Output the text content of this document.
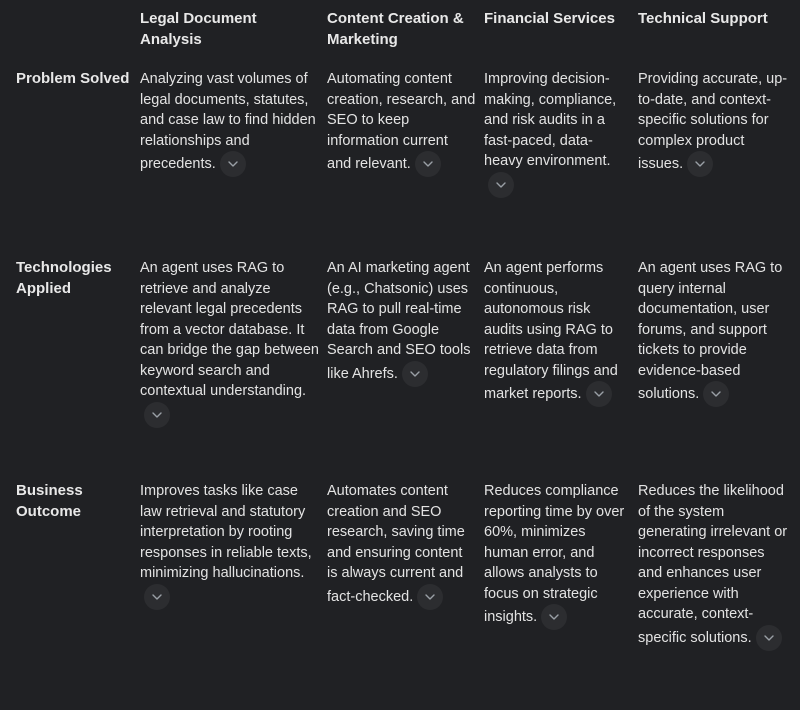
Legal Document Analysis
Content Creation & Marketing
Financial Services	Technical Support
Problem Solved Analyzing vast volumes of legal documents, statutes, and case law to find hidden relationships and precedents.
Automating content creation, research, and SEO to keep information current and relevant.
Improving decision-making, compliance, and risk audits in a fast-paced, data-heavy environment.
Providing accurate, up-to-date, and context-specific solutions for complex product issues.
Technologies Applied
An agent uses RAG to retrieve and analyze relevant legal precedents from a vector database. It can bridge the gap between keyword search and contextual understanding.
An AI marketing agent (e.g., Chatsonic) uses RAG to pull real-time data from Google Search and SEO tools like Ahrefs.
An agent performs continuous, autonomous risk audits using RAG to retrieve data from regulatory filings and market reports.
An agent uses RAG to query internal documentation, user forums, and support tickets to provide evidence-based solutions.
Business Outcome
Improves tasks like case law retrieval and statutory interpretation by rooting responses in reliable texts, minimizing hallucinations.
Automates content creation and SEO research, saving time and ensuring content is always current and fact-checked.
Reduces compliance reporting time by over 60%, minimizes human error, and allows analysts to focus on strategic insights.
Reduces the likelihood of the system generating irrelevant or incorrect responses and enhances user experience with accurate, context-specific solutions.
